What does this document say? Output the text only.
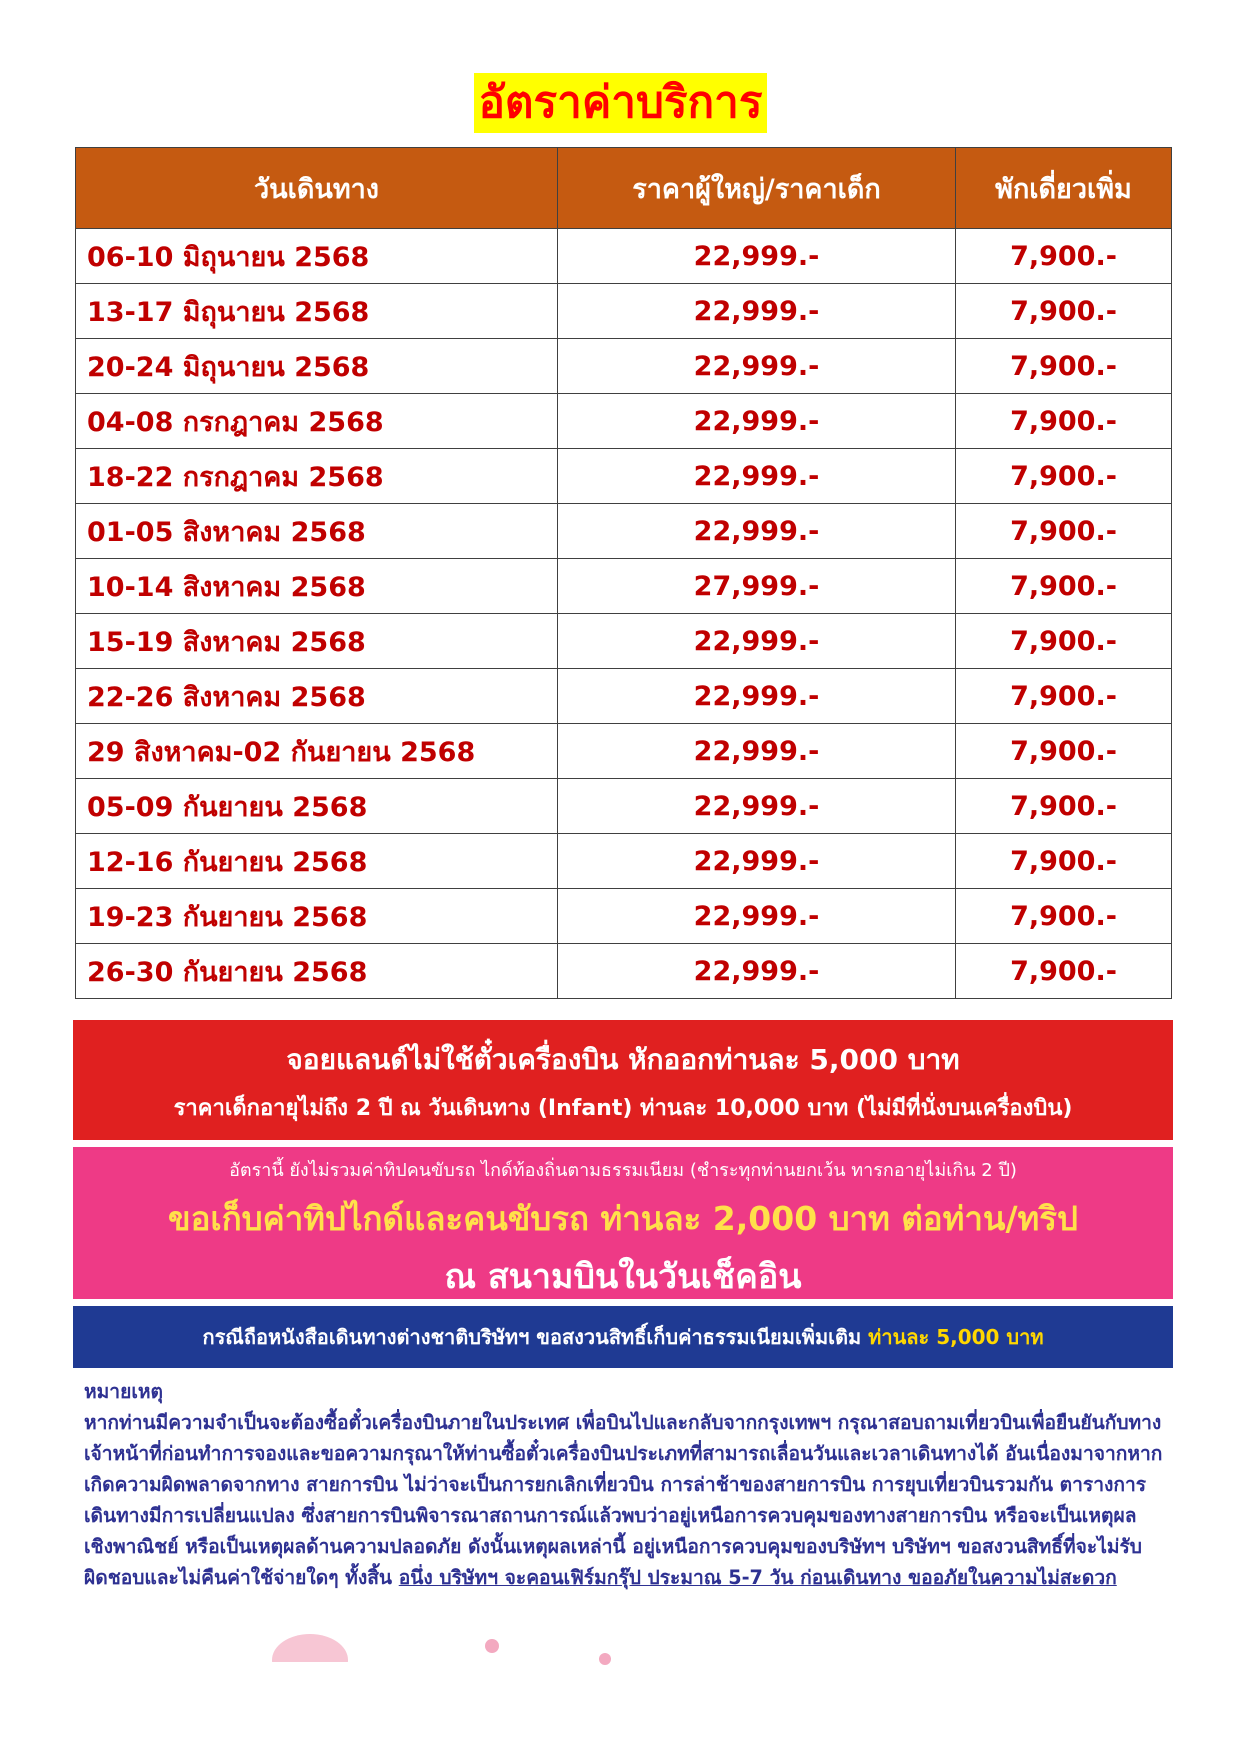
อัตราค่าบริการ
วันเดินทาง	ราคาผู้ใหญ่/ราคาเด็ก	พักเดี่ยวเพิ่ม
06-10 มิถุนายน 2568	22,999.-	7,900.-
13-17 มิถุนายน 2568	22,999.-	7,900.-
20-24 มิถุนายน 2568	22,999.-	7,900.-
04-08 กรกฎาคม 2568	22,999.-	7,900.-
18-22 กรกฎาคม 2568	22,999.-	7,900.-
01-05 สิงหาคม 2568	22,999.-	7,900.-
10-14 สิงหาคม 2568	27,999.-	7,900.-
15-19 สิงหาคม 2568	22,999.-	7,900.-
22-26 สิงหาคม 2568	22,999.-	7,900.-
29 สิงหาคม-02 กันยายน 2568	22,999.-	7,900.-
05-09 กันยายน 2568	22,999.-	7,900.-
12-16 กันยายน 2568	22,999.-	7,900.-
19-23 กันยายน 2568	22,999.-	7,900.-
26-30 กันยายน 2568	22,999.-	7,900.-
จอยแลนด์ไม่ใช้ตั๋วเครื่องบิน หักออกท่านละ 5,000 บาท
ราคาเด็กอายุไม่ถึง 2 ปี ณ วันเดินทาง (Infant) ท่านละ 10,000 บาท (ไม่มีที่นั่งบนเครื่องบิน)
อัตรานี้ ยังไม่รวมค่าทิปคนขับรถ ไกด์ท้องถิ่นตามธรรมเนียม (ชำระทุกท่านยกเว้น ทารกอายุไม่เกิน 2 ปี)
ขอเก็บค่าทิปไกด์และคนขับรถ ท่านละ 2,000 บาท ต่อท่าน/ทริป
ณ สนามบินในวันเช็คอิน
กรณีถือหนังสือเดินทางต่างชาติบริษัทฯ ขอสงวนสิทธิ์เก็บค่าธรรมเนียมเพิ่มเติม ท่านละ 5,000 บาท
หมายเหตุ
หากท่านมีความจำเป็นจะต้องซื้อตั๋วเครื่องบินภายในประเทศ เพื่อบินไปและกลับจากกรุงเทพฯ กรุณาสอบถามเที่ยวบินเพื่อยืนยันกับทางเจ้าหน้าที่ก่อนทำการจองและขอความกรุณาให้ท่านซื้อตั๋วเครื่องบินประเภทที่สามารถเลื่อนวันและเวลาเดินทางได้ อันเนื่องมาจากหากเกิดความผิดพลาดจากทาง สายการบิน ไม่ว่าจะเป็นการยกเลิกเที่ยวบิน การล่าช้าของสายการบิน การยุบเที่ยวบินรวมกัน ตารางการเดินทางมีการเปลี่ยนแปลง ซึ่งสายการบินพิจารณาสถานการณ์แล้วพบว่าอยู่เหนือการควบคุมของทางสายการบิน หรือจะเป็นเหตุผลเชิงพาณิชย์ หรือเป็นเหตุผลด้านความปลอดภัย ดังนั้นเหตุผลเหล่านี้ อยู่เหนือการควบคุมของบริษัทฯ บริษัทฯ ขอสงวนสิทธิ์ที่จะไม่รับผิดชอบและไม่คืนค่าใช้จ่ายใดๆ ทั้งสิ้น อนึ่ง บริษัทฯ จะคอนเฟิร์มกรุ๊ป ประมาณ 5-7 วัน ก่อนเดินทาง ขออภัยในความไม่สะดวก
